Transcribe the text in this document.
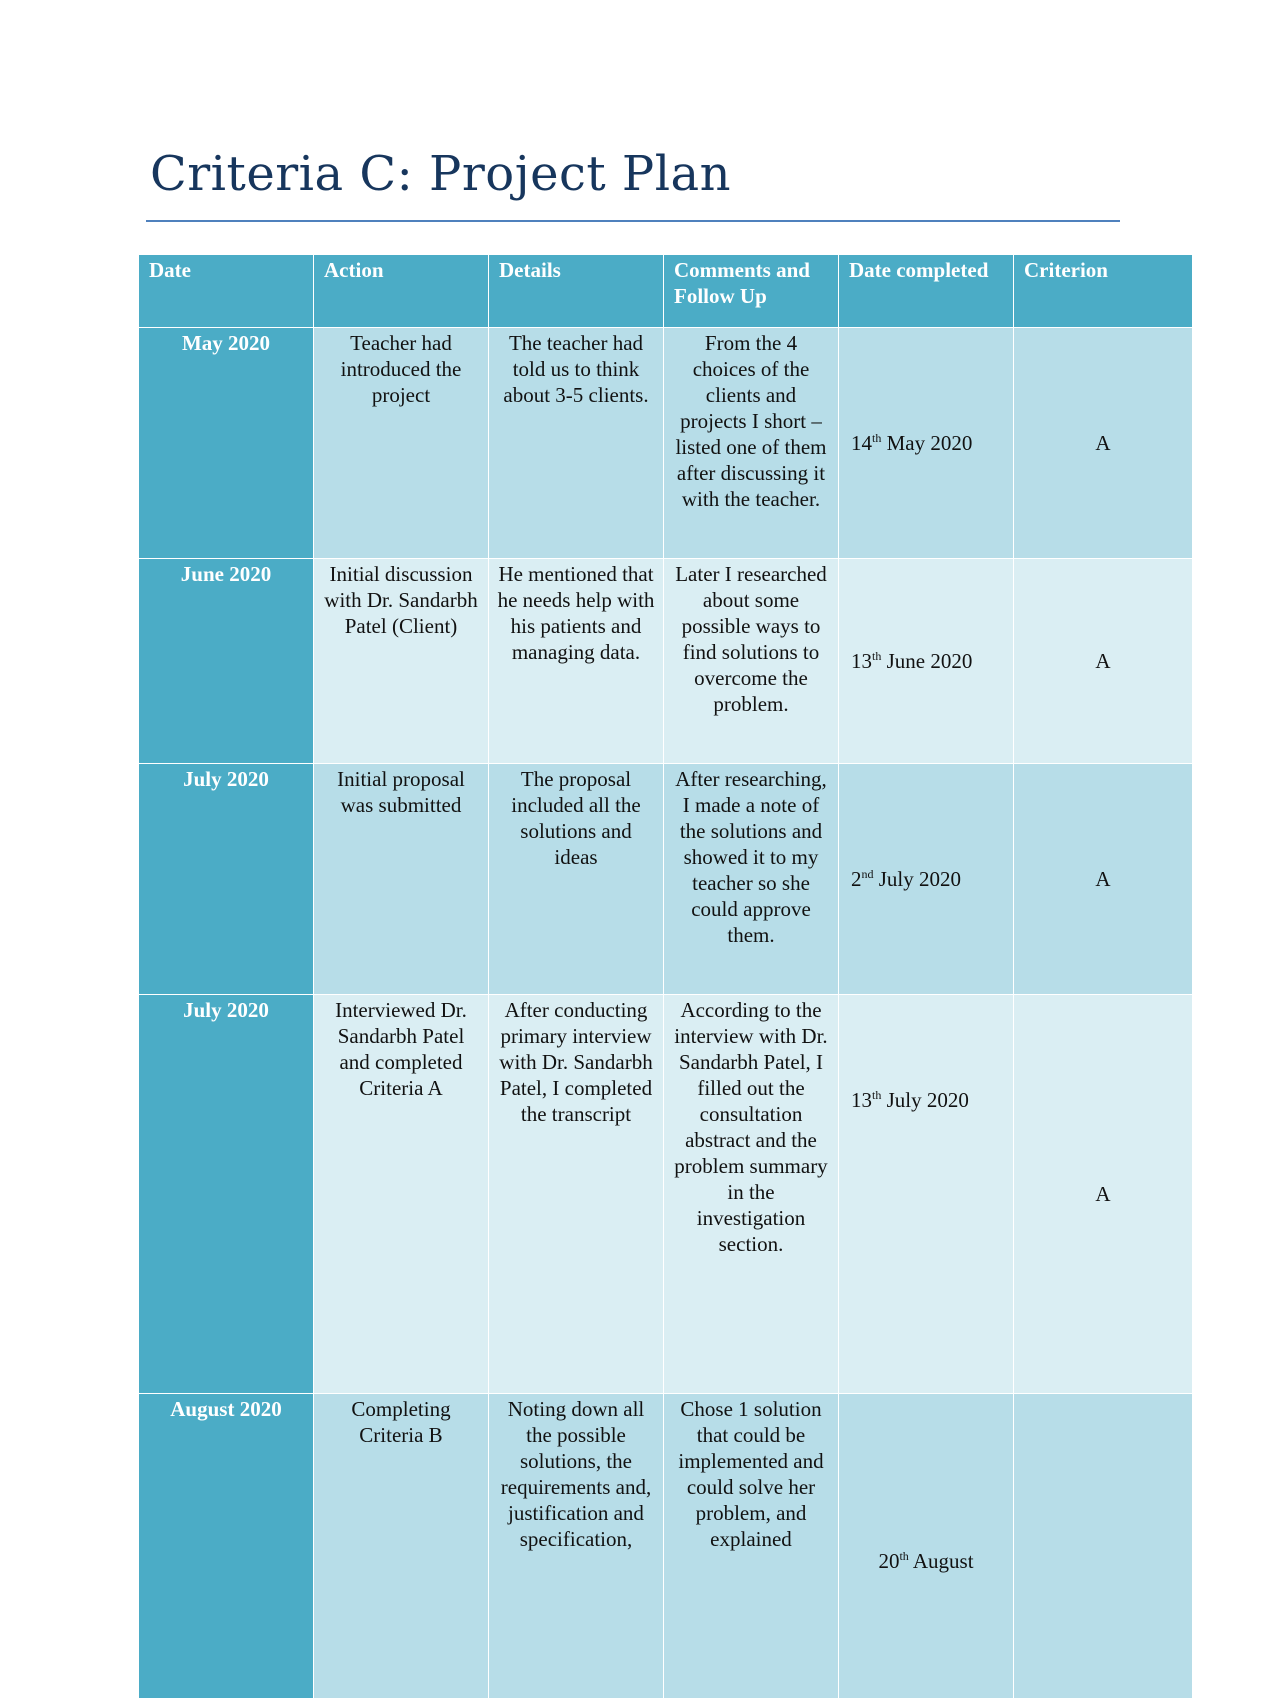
Criteria C: Project Plan
Date	Action	Details	Comments and Follow Up	Date completed	Criterion
May 2020	Teacher had introduced the project	The teacher had told us to think about 3-5 clients.	From the 4 choices of the clients and projects I short – listed one of them after discussing it with the teacher.	14th May 2020	A
June 2020	Initial discussion with Dr. Sandarbh Patel (Client)	He mentioned that he needs help with his patients and managing data.	Later I researched about some possible ways to find solutions to overcome the problem.	13th June 2020	A
July 2020	Initial proposal was submitted	The proposal included all the solutions and ideas	After researching, I made a note of the solutions and showed it to my teacher so she could approve them.	2nd July 2020	A
July 2020	Interviewed Dr. Sandarbh Patel and completed Criteria A	After conducting primary interview with Dr. Sandarbh Patel, I completed the transcript	According to the interview with Dr. Sandarbh Patel, I filled out the consultation abstract and the problem summary in the investigation section.	13th July 2020	A
August 2020	Completing Criteria B	Noting down all the possible solutions, the requirements and, justification and specification,	Chose 1 solution that could be implemented and could solve her problem, and explained	20th August	
